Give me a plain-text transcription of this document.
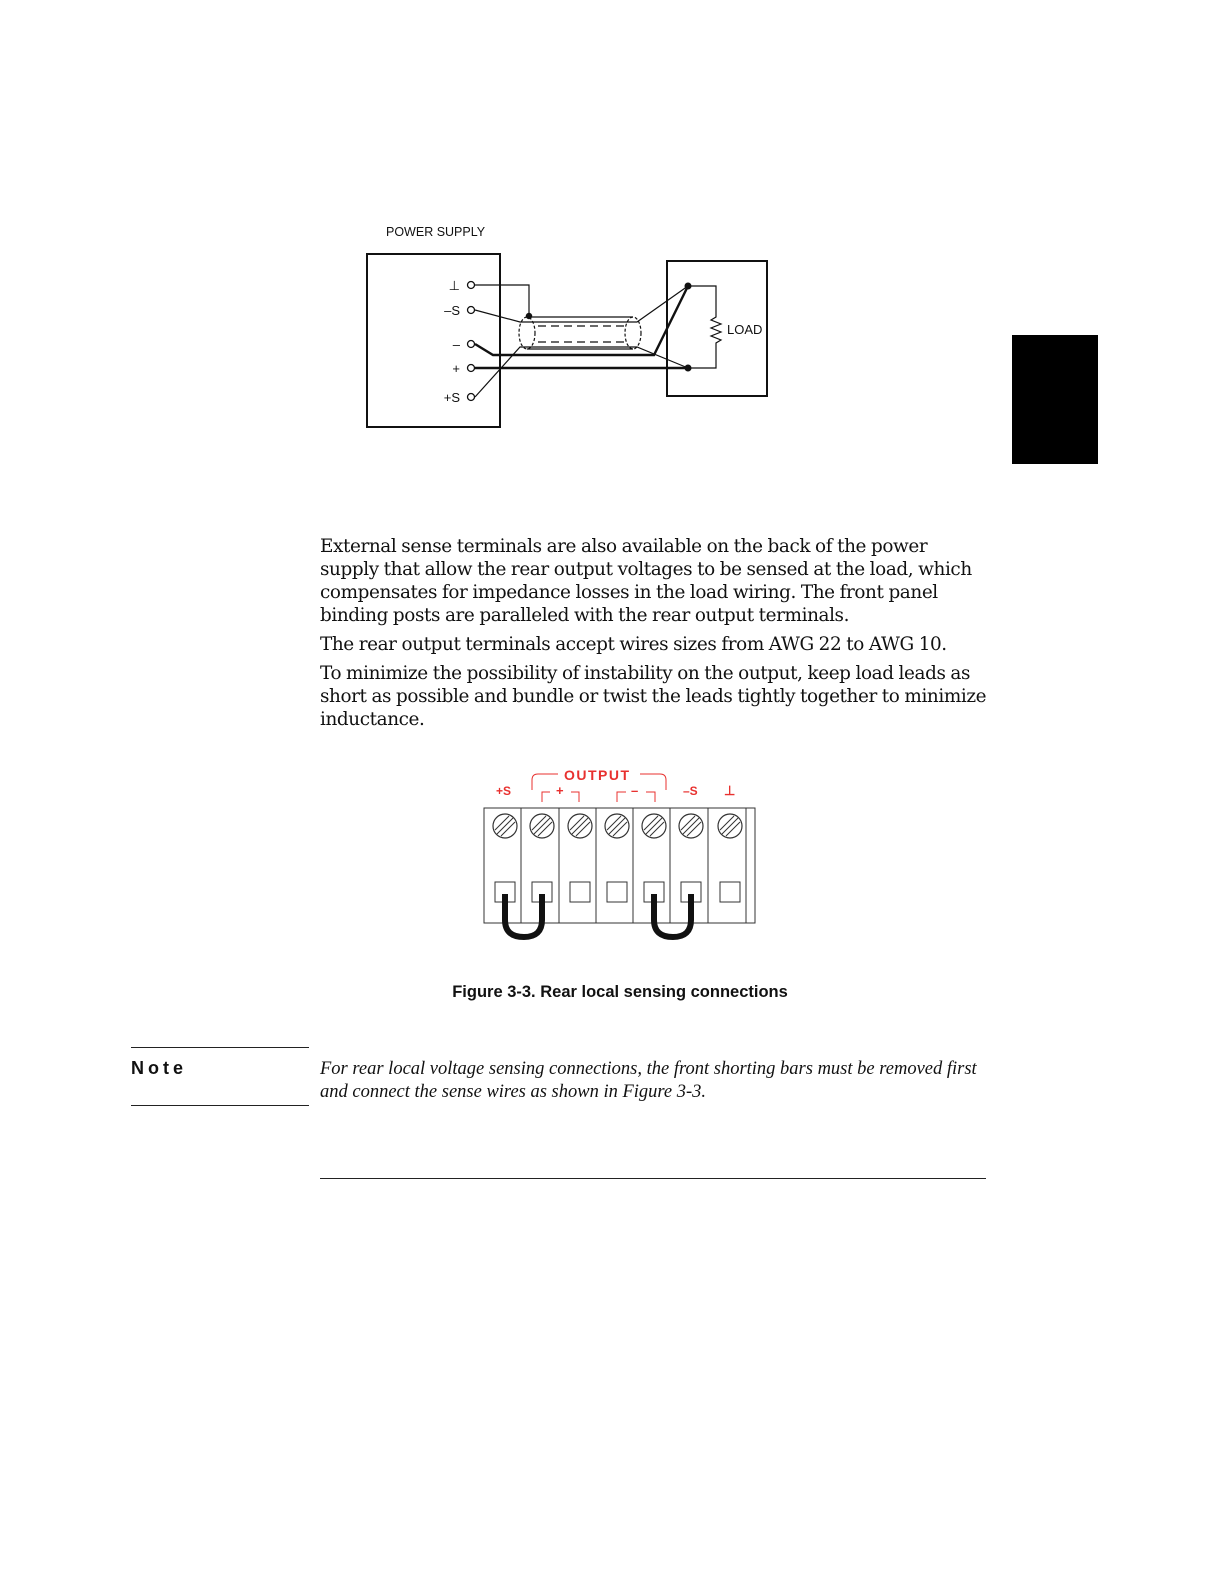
POWER SUPPLY
⊥
–S
–
+
+S
LOAD

External sense terminals are also available on the back of the power supply that allow the rear output voltages to be sensed at the load, which compensates for impedance losses in the load wiring. The front panel binding posts are paralleled with the rear output terminals.

The rear output terminals accept wires sizes from AWG 22 to AWG 10.

To minimize the possibility of instability on the output, keep load leads as short as possible and bundle or twist the leads tightly together to minimize inductance.

OUTPUT
+S	+	–	–S ⊥
Figure 3-3. Rear local sensing connections
Note	For rear local voltage sensing connections, the front shorting bars must be removed first and connect the sense wires as shown in Figure 3-3.
